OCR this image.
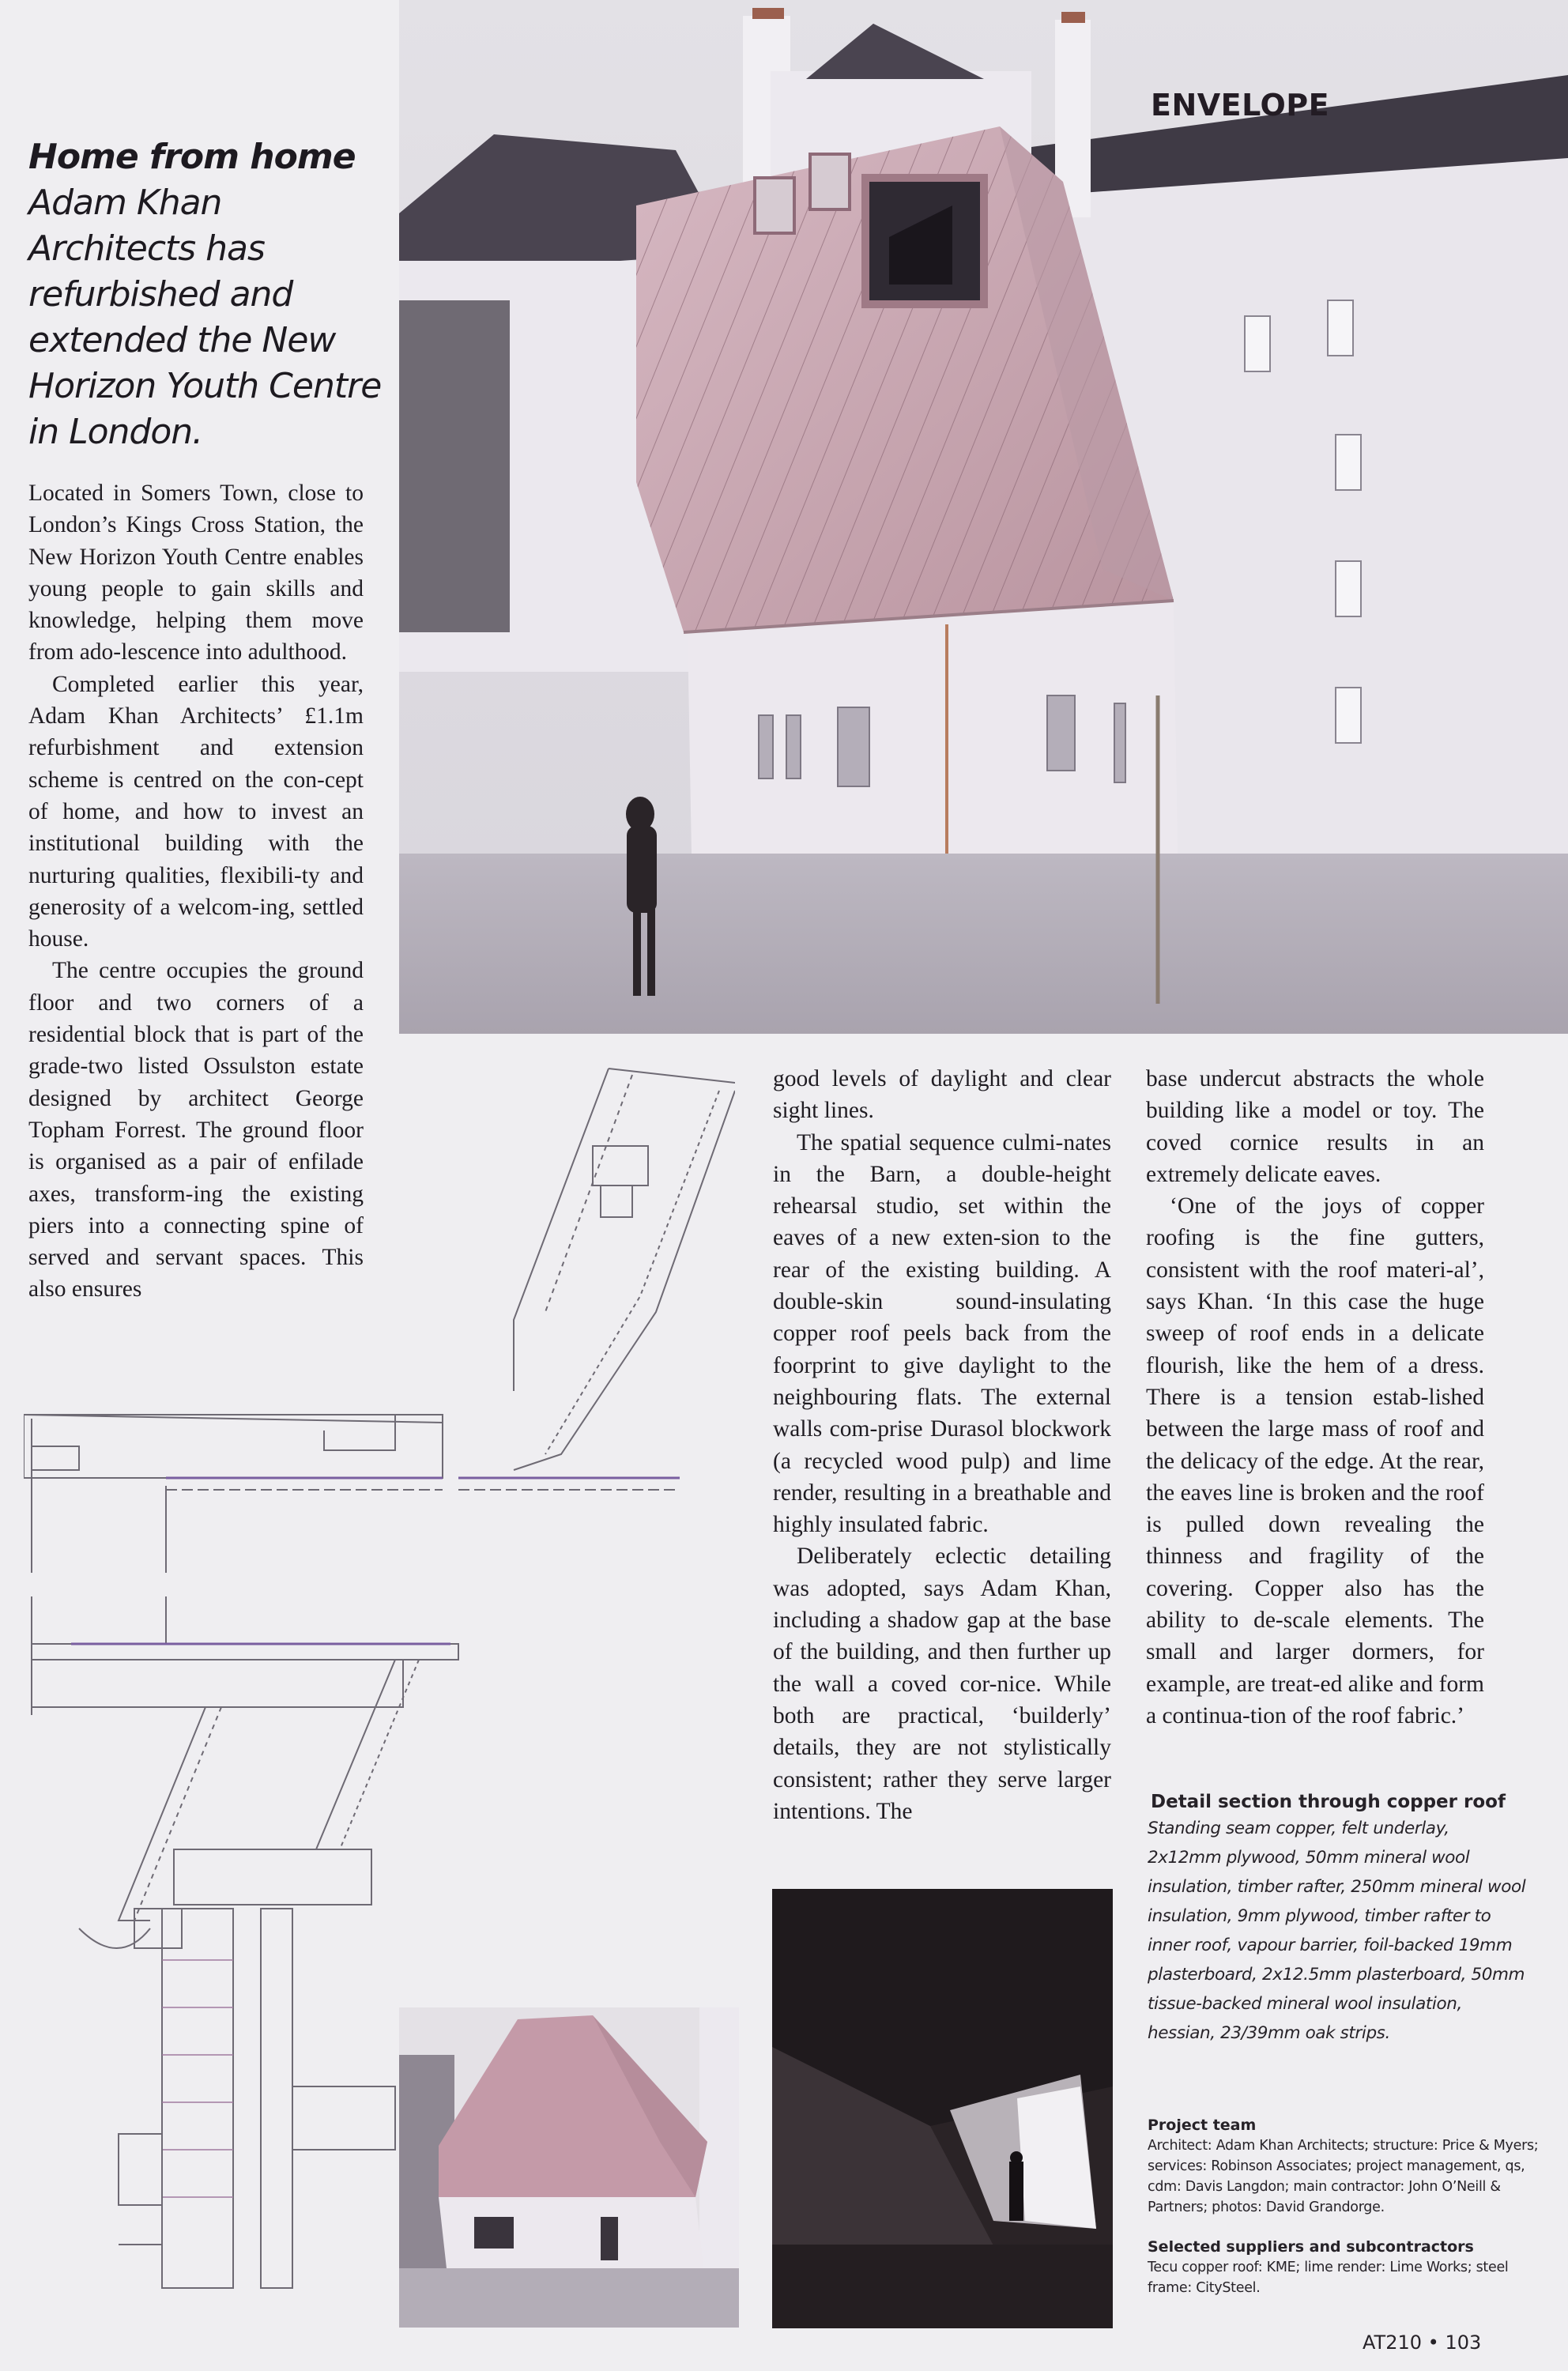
ENVELOPE
Home from home
Adam Khan Architects has refurbished and extended the New Horizon Youth Centre in London.

Located in Somers Town, close to London’s Kings Cross Station, the New Horizon Youth Centre enables young people to gain skills and knowledge, helping them move from ado-lescence into adulthood.

Completed earlier this year, Adam Khan Architects’ £1.1m refurbishment and extension scheme is centred on the con-cept of home, and how to invest an institutional building with the nurturing qualities, flexibili-ty and generosity of a welcom-ing, settled house.

The centre occupies the ground floor and two corners of a residential block that is part of the grade-two listed Ossulston estate designed by architect George Topham Forrest. The ground floor is organised as a pair of enfilade axes, transform-ing the existing piers into a connecting spine of served and servant spaces. This also ensures

good levels of daylight and clear sight lines.

The spatial sequence culmi-nates in the Barn, a double-height rehearsal studio, set within the eaves of a new exten-sion to the rear of the existing building. A double-skin sound-insulating copper roof peels back from the foorprint to give daylight to the neighbouring flats. The external walls com-prise Durasol blockwork (a recycled wood pulp) and lime render, resulting in a breathable and highly insulated fabric.

Deliberately eclectic detailing was adopted, says Adam Khan, including a shadow gap at the base of the building, and then further up the wall a coved cor-nice. While both are practical, ‘builderly’ details, they are not stylistically consistent; rather they serve larger intentions. The

base undercut abstracts the whole building like a model or toy. The coved cornice results in an extremely delicate eaves.

‘One of the joys of copper roofing is the fine gutters, consistent with the roof materi-al’, says Khan. ‘In this case the huge sweep of roof ends in a delicate flourish, like the hem of a dress. There is a tension estab-lished between the large mass of roof and the delicacy of the edge. At the rear, the eaves line is broken and the roof is pulled down revealing the thinness and fragility of the covering. Copper also has the ability to de-scale elements. The small and larger dormers, for example, are treat-ed alike and form a continua-tion of the roof fabric.’

Detail section through copper roof
Standing seam copper, felt underlay, 2x12mm plywood, 50mm mineral wool insulation, timber rafter, 250mm mineral wool insulation, 9mm plywood, timber rafter to inner roof, vapour barrier, foil-backed 19mm plasterboard, 2x12.5mm plasterboard, 50mm tissue-backed mineral wool insulation, hessian, 23/39mm oak strips.
Project team
Architect: Adam Khan Architects; structure: Price & Myers; services: Robinson Associates; project management, qs, cdm: Davis Langdon; main contractor: John O’Neill & Partners; photos: David Grandorge.
Selected suppliers and subcontractors
Tecu copper roof: KME; lime render: Lime Works; steel frame: CitySteel.
AT210 • 103
